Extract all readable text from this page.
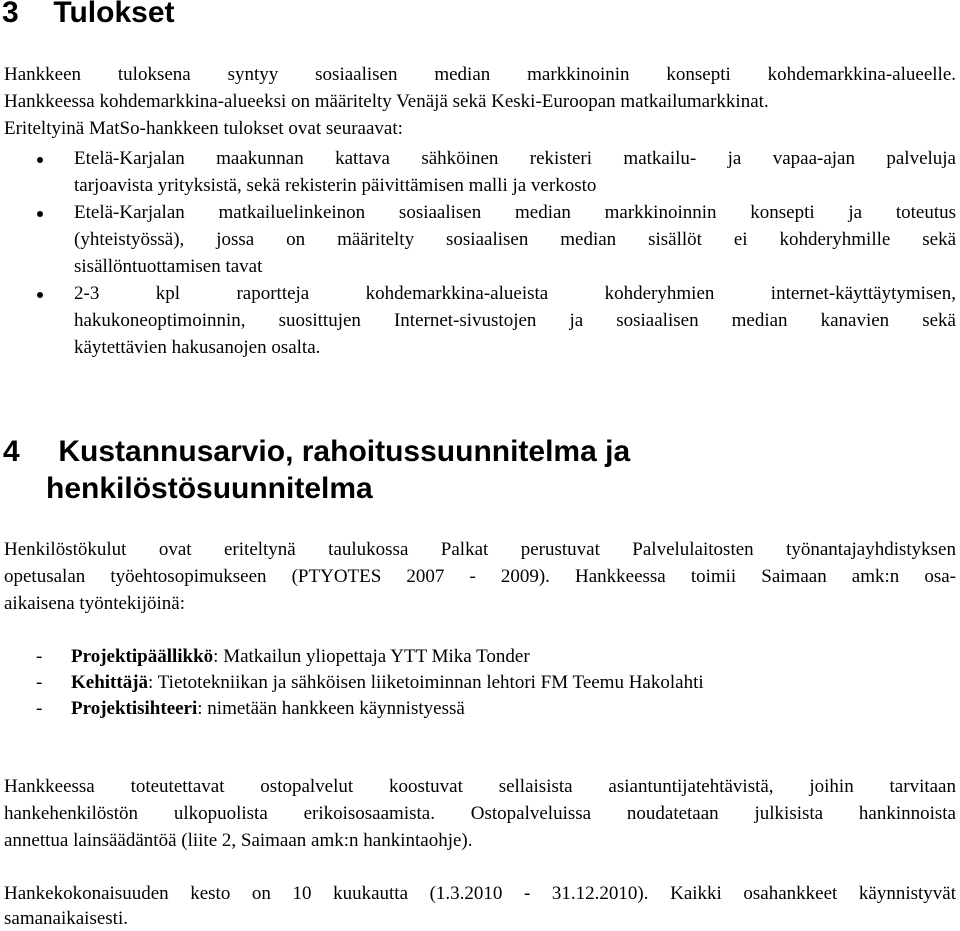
3 Tulokset
Hankkeen tuloksena syntyy sosiaalisen median markkinoinin konsepti kohdemarkkina-alueelle.
Hankkeessa kohdemarkkina-alueeksi on määritelty Venäjä sekä Keski-Euroopan matkailumarkkinat.
Eriteltyinä MatSo-hankkeen tulokset ovat seuraavat:
Etelä-Karjalan maakunnan kattava sähköinen rekisteri matkailu- ja vapaa-ajan palveluja
tarjoavista yrityksistä, sekä rekisterin päivittämisen malli ja verkosto
Etelä-Karjalan matkailuelinkeinon sosiaalisen median markkinoinnin konsepti ja toteutus
(yhteistyössä), jossa on määritelty sosiaalisen median sisällöt ei kohderyhmille sekä
sisällöntuottamisen tavat
2-3 kpl raportteja kohdemarkkina-alueista kohderyhmien internet-käyttäytymisen,
hakukoneoptimoinnin, suosittujen Internet-sivustojen ja sosiaalisen median kanavien sekä
käytettävien hakusanojen osalta.
4 Kustannusarvio, rahoitussuunnitelma ja
henkilöstösuunnitelma
Henkilöstökulut ovat eriteltynä taulukossa Palkat perustuvat Palvelulaitosten työnantajayhdistyksen
opetusalan työehtosopimukseen (PTYOTES 2007 - 2009). Hankkeessa toimii Saimaan amk:n osa-
aikaisena työntekijöinä:
- Projektipäällikkö: Matkailun yliopettaja YTT Mika Tonder
- Kehittäjä: Tietotekniikan ja sähköisen liiketoiminnan lehtori FM Teemu Hakolahti
- Projektisihteeri: nimetään hankkeen käynnistyessä
Hankkeessa toteutettavat ostopalvelut koostuvat sellaisista asiantuntijatehtävistä, joihin tarvitaan
hankehenkilöstön ulkopuolista erikoisosaamista. Ostopalveluissa noudatetaan julkisista hankinnoista
annettua lainsäädäntöä (liite 2, Saimaan amk:n hankintaohje).
Hankekokonaisuuden kesto on 10 kuukautta (1.3.2010 - 31.12.2010). Kaikki osahankkeet käynnistyvät
samanaikaisesti.
